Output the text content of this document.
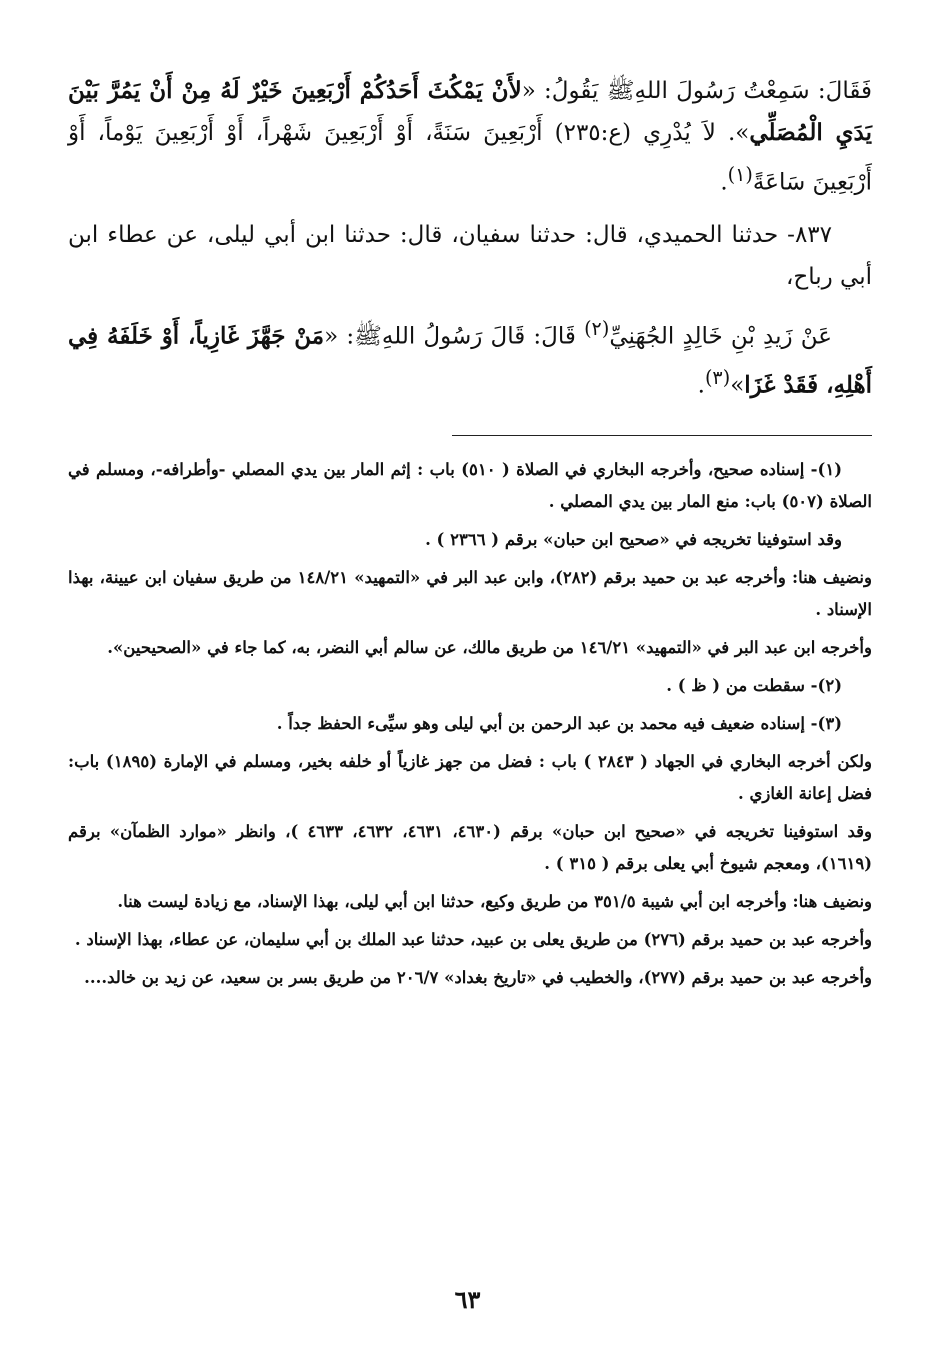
فَقَالَ: سَمِعْتُ رَسُولَ اللهِﷺ يَقُولُ: «لأَنْ يَمْكُثَ أَحَدُكُمْ أَرْبَعِينَ خَيْرٌ لَهُ مِنْ أَنْ يَمُرَّ بَيْنَ يَدَيِ الْمُصَلِّي». لاَ يُدْرِي (ع:٢٣٥) أَرْبَعِينَ سَنَةً، أَوْ أَرْبَعِينَ شَهْراً، أَوْ أَرْبَعِينَ يَوْماً، أَوْ أَرْبَعِينَ سَاعَةً$^{(١)}$.

٨٣٧- حدثنا الحميدي، قال: حدثنا سفيان، قال: حدثنا ابن أبي ليلى، عن عطاء ابن أبي رباح،

عَنْ زَيدِ بْنِ خَالِدٍ الجُهَنِيِّ$^{(٢)}$ قَالَ: قَالَ رَسُولُ اللهِﷺ: «مَنْ جَهَّزَ غَازِياً، أَوْ خَلَفَهُ فِي أَهْلِهِ، فَقَدْ غَزَا»$^{(٣)}$.

(١)- إسناده صحيح، وأخرجه البخاري في الصلاة ( ٥١٠) باب : إثم المار بين يدي المصلي -وأطرافه-، ومسلم في الصلاة (٥٠٧) باب: منع المار بين يدي المصلي .

وقد استوفينا تخريجه في «صحيح ابن حبان» برقم ( ٢٣٦٦ ) .

ونضيف هنا: وأخرجه عبد بن حميد برقم (٢٨٢)، وابن عبد البر في «التمهيد» ١٤٨/٢١ من طريق سفيان ابن عيينة، بهذا الإسناد .

وأخرجه ابن عبد البر في «التمهيد» ١٤٦/٢١ من طريق مالك، عن سالم أبي النضر، به، كما جاء في «الصحيحين».

(٢)- سقطت من ( ظ ) .

(٣)- إسناده ضعيف فيه محمد بن عبد الرحمن بن أبي ليلى وهو سيِّىء الحفظ جداً .

ولكن أخرجه البخاري في الجهاد ( ٢٨٤٣ ) باب : فضل من جهز غازياً أو خلفه بخير، ومسلم في الإمارة (١٨٩٥) باب: فضل إعانة الغازي .

وقد استوفينا تخريجه في «صحيح ابن حبان» برقم (٤٦٣٠، ٤٦٣١، ٤٦٣٢، ٤٦٣٣ )، وانظر «موارد الظمآن» برقم (١٦١٩)، ومعجم شيوخ أبي يعلى برقم ( ٣١٥ ) .

ونضيف هنا: وأخرجه ابن أبي شيبة ٣٥١/٥ من طريق وكيع، حدثنا ابن أبي ليلى، بهذا الإسناد، مع زيادة ليست هنا.

وأخرجه عبد بن حميد برقم (٢٧٦) من طريق يعلى بن عبيد، حدثنا عبد الملك بن أبي سليمان، عن عطاء، بهذا الإسناد .

وأخرجه عبد بن حميد برقم (٢٧٧)، والخطيب في «تاريخ بغداد» ٢٠٦/٧ من طريق بسر بن سعيد، عن زيد بن خالد....

٦٣
